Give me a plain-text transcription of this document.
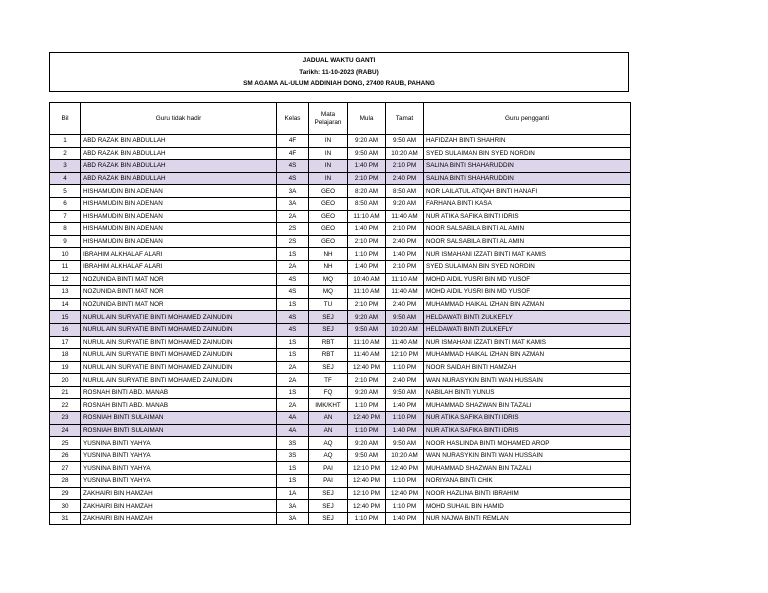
JADUAL WAKTU GANTI
Tarikh: 11-10-2023 (RABU)
SM AGAMA AL-ULUM ADDINIAH DONG, 27400 RAUB, PAHANG
Bil	Guru tidak hadir	Kelas	Mata Pelajaran	Mula	Tamat	Guru pengganti
1	ABD RAZAK BIN ABDULLAH	4F	IN	9:20 AM	9:50 AM	HAFIDZAH BINTI SHAHRIN
2	ABD RAZAK BIN ABDULLAH	4F	IN	9:50 AM	10:20 AM	SYED SULAIMAN BIN SYED NORDIN
3	ABD RAZAK BIN ABDULLAH	4S	IN	1:40 PM	2:10 PM	SALINA BINTI SHAHARUDDIN
4	ABD RAZAK BIN ABDULLAH	4S	IN	2:10 PM	2:40 PM	SALINA BINTI SHAHARUDDIN
5	HISHAMUDIN BIN ADENAN	3A	GEO	8:20 AM	8:50 AM	NOR LAILATUL ATIQAH BINTI HANAFI
6	HISHAMUDIN BIN ADENAN	3A	GEO	8:50 AM	9:20 AM	FARHANA BINTI KASA
7	HISHAMUDIN BIN ADENAN	2A	GEO	11:10 AM	11:40 AM	NUR ATIKA SAFIKA BINTI IDRIS
8	HISHAMUDIN BIN ADENAN	2S	GEO	1:40 PM	2:10 PM	NOOR SALSABILA BINTI AL AMIN
9	HISHAMUDIN BIN ADENAN	2S	GEO	2:10 PM	2:40 PM	NOOR SALSABILA BINTI AL AMIN
10	IBRAHIM ALKHALAF ALARI	1S	NH	1:10 PM	1:40 PM	NUR ISMAHANI IZZATI BINTI MAT KAMIS
11	IBRAHIM ALKHALAF ALARI	2A	NH	1:40 PM	2:10 PM	SYED SULAIMAN BIN SYED NORDIN
12	NOZUNIDA BINTI MAT NOR	4S	MQ	10:40 AM	11:10 AM	MOHD AIDIL YUSRI BIN MD YUSOF
13	NOZUNIDA BINTI MAT NOR	4S	MQ	11:10 AM	11:40 AM	MOHD AIDIL YUSRI BIN MD YUSOF
14	NOZUNIDA BINTI MAT NOR	1S	TU	2:10 PM	2:40 PM	MUHAMMAD HAIKAL IZHAN BIN AZMAN
15	NURUL AIN SURYATIE BINTI MOHAMED ZAINUDIN	4S	SEJ	9:20 AM	9:50 AM	HELDAWATI BINTI ZULKEFLY
16	NURUL AIN SURYATIE BINTI MOHAMED ZAINUDIN	4S	SEJ	9:50 AM	10:20 AM	HELDAWATI BINTI ZULKEFLY
17	NURUL AIN SURYATIE BINTI MOHAMED ZAINUDIN	1S	RBT	11:10 AM	11:40 AM	NUR ISMAHANI IZZATI BINTI MAT KAMIS
18	NURUL AIN SURYATIE BINTI MOHAMED ZAINUDIN	1S	RBT	11:40 AM	12:10 PM	MUHAMMAD HAIKAL IZHAN BIN AZMAN
19	NURUL AIN SURYATIE BINTI MOHAMED ZAINUDIN	2A	SEJ	12:40 PM	1:10 PM	NOOR SAIDAH BINTI HAMZAH
20	NURUL AIN SURYATIE BINTI MOHAMED ZAINUDIN	2A	TF	2:10 PM	2:40 PM	WAN NURASYKIN BINTI WAN HUSSAIN
21	ROSNAH BINTI ABD. MANAB	1S	FQ	9:20 AM	9:50 AM	NABILAH BINTI YUNUS
22	ROSNAH BINTI ABD. MANAB	2A	IMK/KHT	1:10 PM	1:40 PM	MUHAMMAD SHAZWAN BIN TAZALI
23	ROSNIAH BINTI SULAIMAN	4A	AN	12:40 PM	1:10 PM	NUR ATIKA SAFIKA BINTI IDRIS
24	ROSNIAH BINTI SULAIMAN	4A	AN	1:10 PM	1:40 PM	NUR ATIKA SAFIKA BINTI IDRIS
25	YUSNINA BINTI YAHYA	3S	AQ	9:20 AM	9:50 AM	NOOR HASLINDA BINTI MOHAMED AROP
26	YUSNINA BINTI YAHYA	3S	AQ	9:50 AM	10:20 AM	WAN NURASYKIN BINTI WAN HUSSAIN
27	YUSNINA BINTI YAHYA	1S	PAI	12:10 PM	12:40 PM	MUHAMMAD SHAZWAN BIN TAZALI
28	YUSNINA BINTI YAHYA	1S	PAI	12:40 PM	1:10 PM	NORIYANA BINTI CHIK
29	ZAKHAIRI BIN HAMZAH	1A	SEJ	12:10 PM	12:40 PM	NOOR HAZLINA BINTI IBRAHIM
30	ZAKHAIRI BIN HAMZAH	3A	SEJ	12:40 PM	1:10 PM	MOHD SUHAIL BIN HAMID
31	ZAKHAIRI BIN HAMZAH	3A	SEJ	1:10 PM	1:40 PM	NUR NAJWA BINTI REMLAN
